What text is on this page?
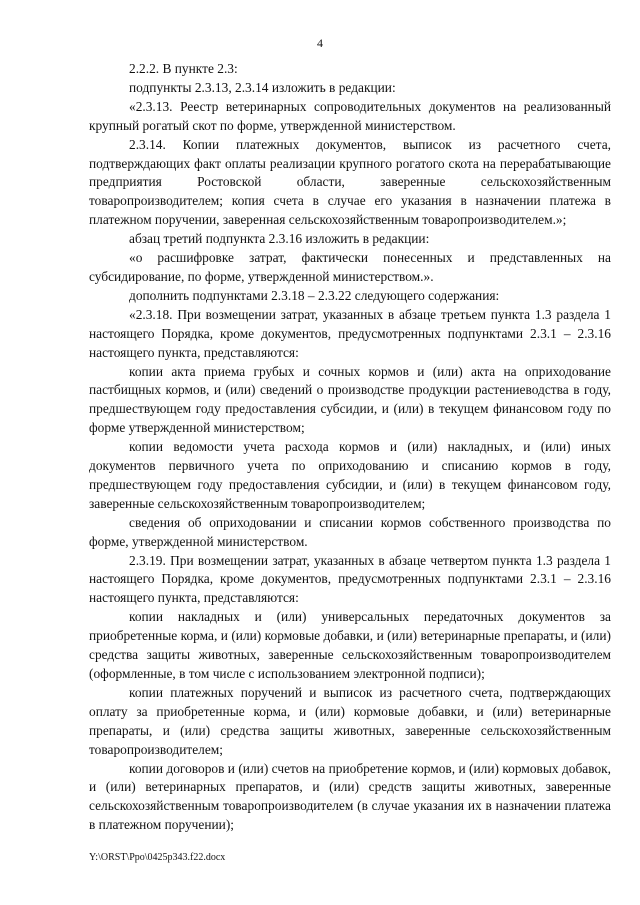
4

2.2.2. В пункте 2.3:

подпункты 2.3.13, 2.3.14 изложить в редакции:

«2.3.13. Реестр ветеринарных сопроводительных документов на реализованный крупный рогатый скот по форме, утвержденной министерством.

2.3.14. Копии платежных документов, выписок из расчетного счета, подтверждающих факт оплаты реализации крупного рогатого скота на перерабатывающие предприятия Ростовской области, заверенные сельскохозяйственным товаропроизводителем; копия счета в случае его указания в назначении платежа в платежном поручении, заверенная сельскохозяйственным товаропроизводителем.»;

абзац третий подпункта 2.3.16 изложить в редакции:

«о расшифровке затрат, фактически понесенных и представленных на субсидирование, по форме, утвержденной министерством.».

дополнить подпунктами 2.3.18 – 2.3.22 следующего содержания:

«2.3.18. При возмещении затрат, указанных в абзаце третьем пункта 1.3 раздела 1 настоящего Порядка, кроме документов, предусмотренных подпунктами 2.3.1 – 2.3.16 настоящего пункта, представляются:

копии акта приема грубых и сочных кормов и (или) акта на оприходование пастбищных кормов, и (или) сведений о производстве продукции растениеводства в году, предшествующем году предоставления субсидии, и (или) в текущем финансовом году по форме утвержденной министерством;

копии ведомости учета расхода кормов и (или) накладных, и (или) иных документов первичного учета по оприходованию и списанию кормов в году, предшествующем году предоставления субсидии, и (или) в текущем финансовом году, заверенные сельскохозяйственным товаропроизводителем;

сведения об оприходовании и списании кормов собственного производства по форме, утвержденной министерством.

2.3.19. При возмещении затрат, указанных в абзаце четвертом пункта 1.3 раздела 1 настоящего Порядка, кроме документов, предусмотренных подпунктами 2.3.1 – 2.3.16 настоящего пункта, представляются:

копии накладных и (или) универсальных передаточных документов за приобретенные корма, и (или) кормовые добавки, и (или) ветеринарные препараты, и (или) средства защиты животных, заверенные сельскохозяйственным товаропроизводителем (оформленные, в том числе с использованием электронной подписи);

копии платежных поручений и выписок из расчетного счета, подтверждающих оплату за приобретенные корма, и (или) кормовые добавки, и (или) ветеринарные препараты, и (или) средства защиты животных, заверенные сельскохозяйственным товаропроизводителем;

копии договоров и (или) счетов на приобретение кормов, и (или) кормовых добавок, и (или) ветеринарных препаратов, и (или) средств защиты животных, заверенные сельскохозяйственным товаропроизводителем (в случае указания их в назначении платежа в платежном поручении);

Y:\ORST\Ppo\0425p343.f22.docx
